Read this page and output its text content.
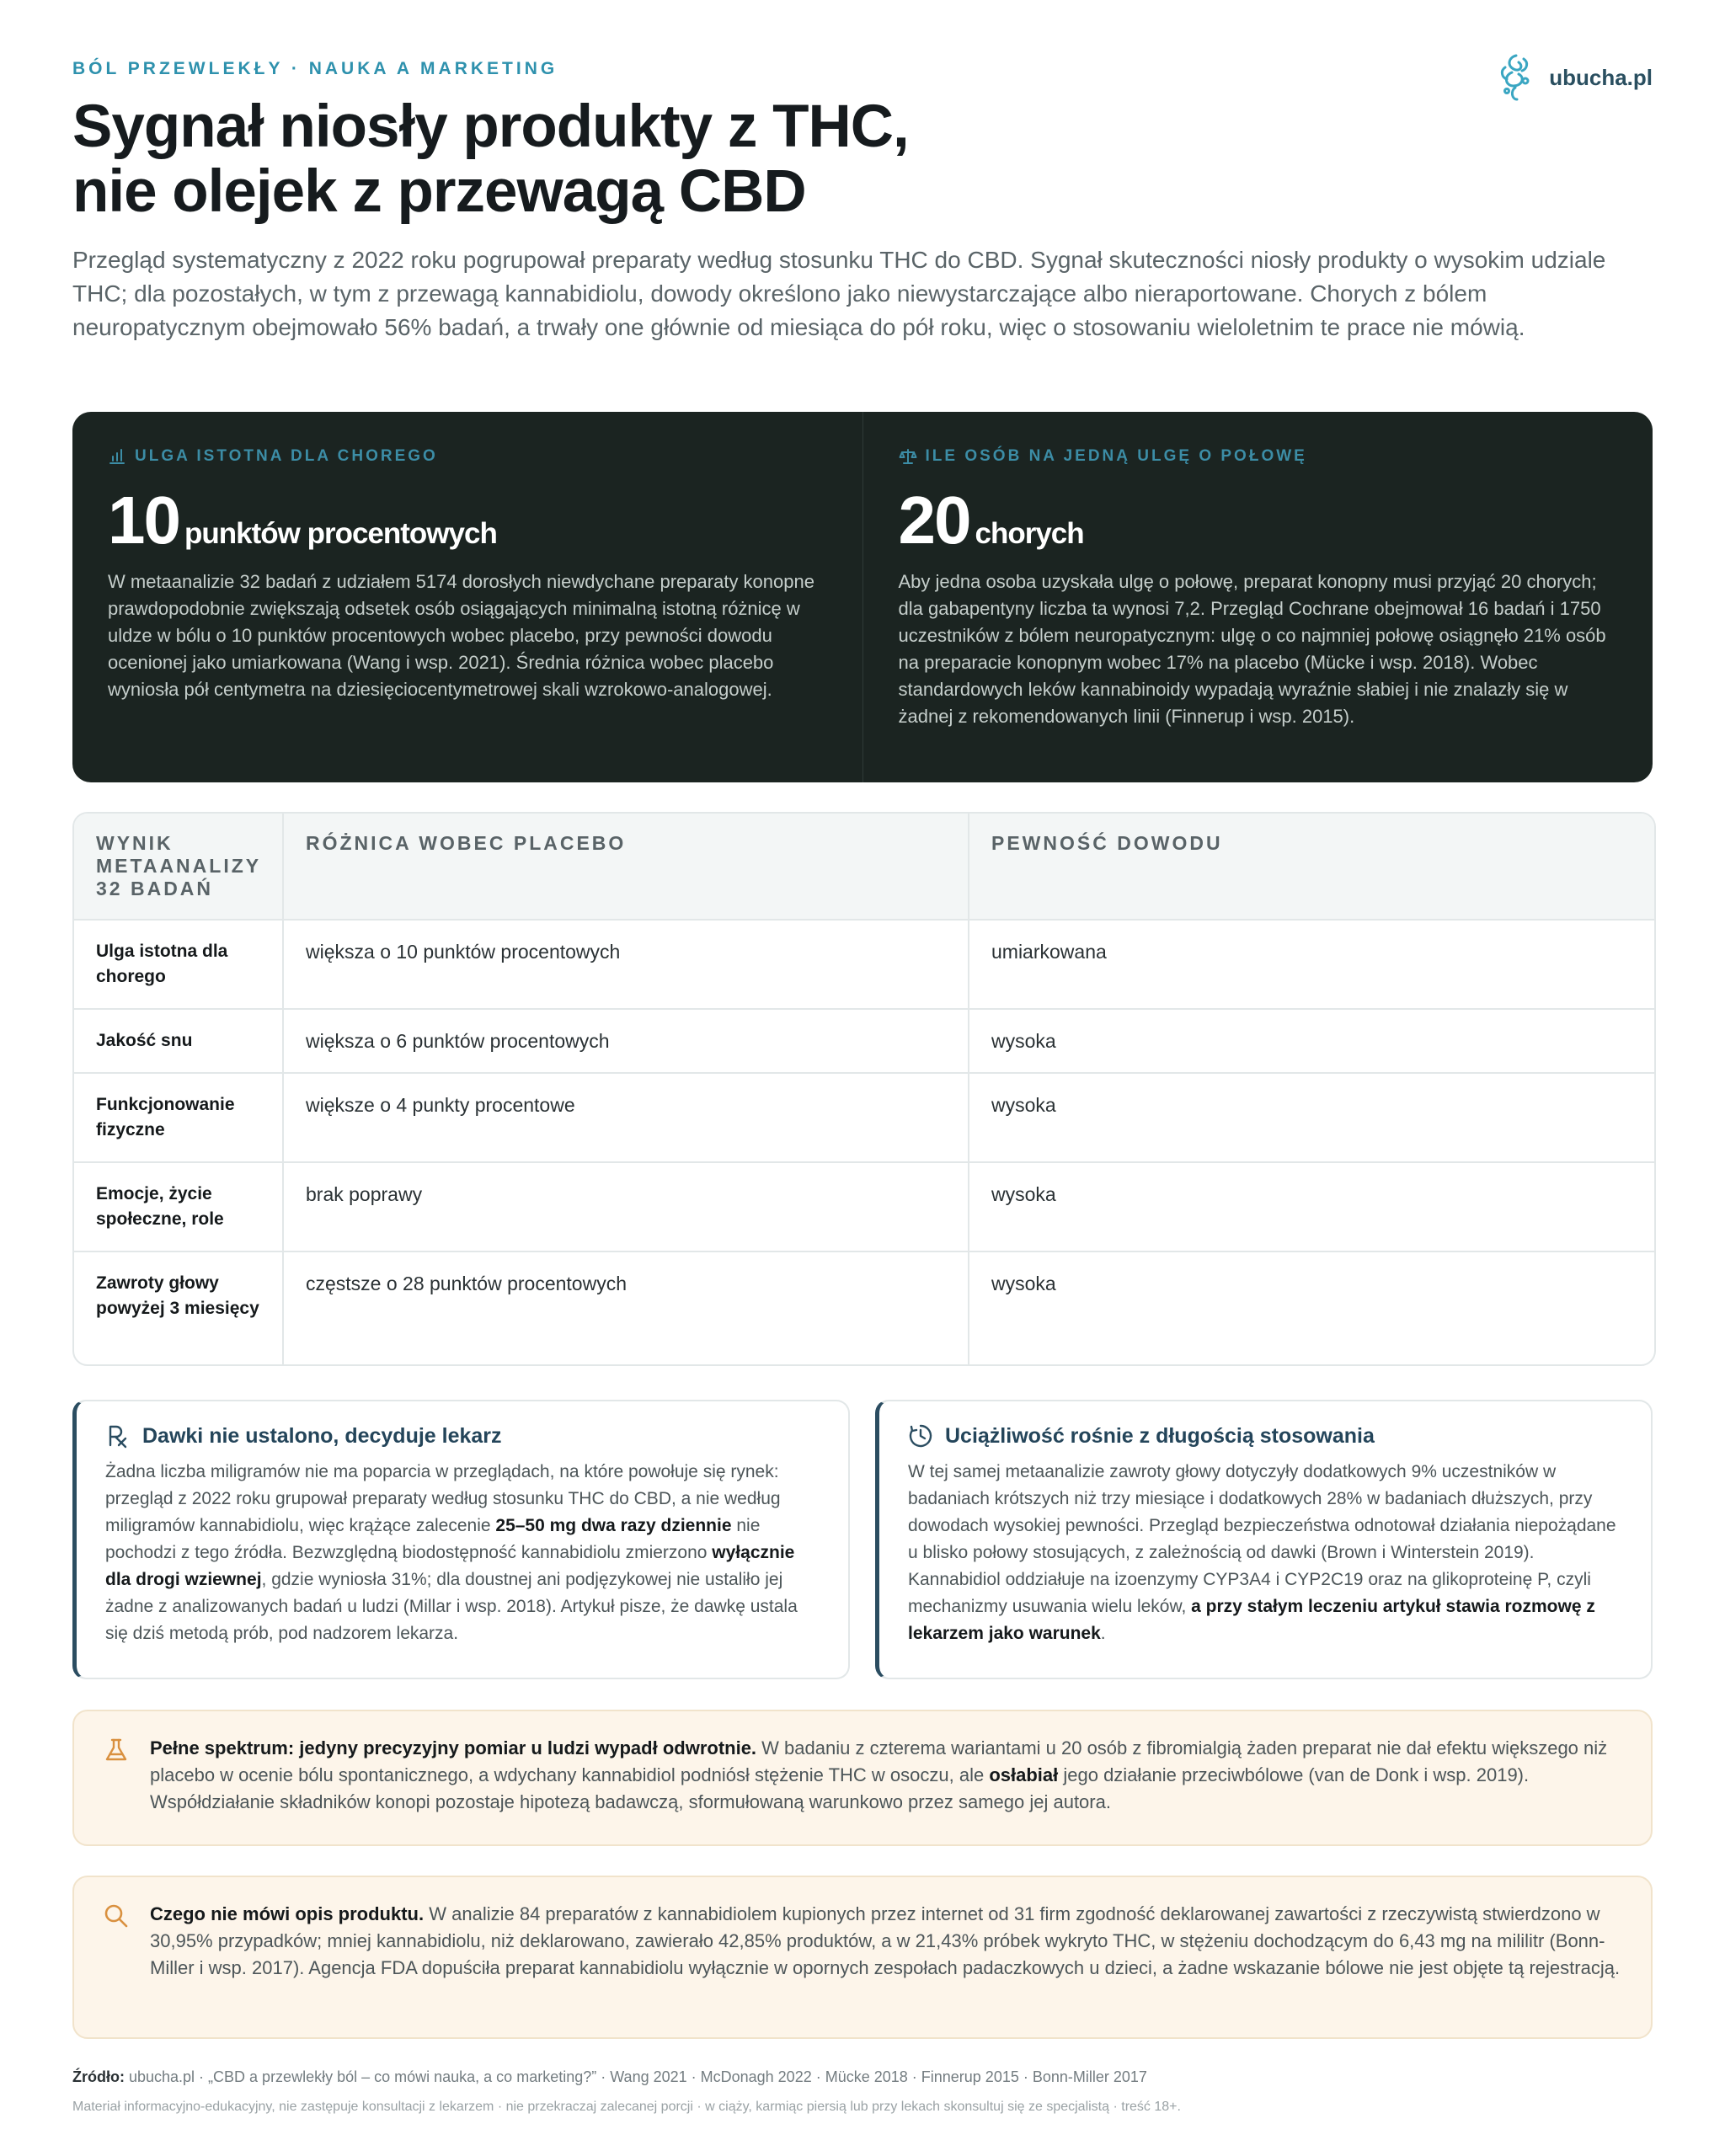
BÓL PRZEWLEKŁY · NAUKA A MARKETING	ubucha.pl
Sygnał niosły produkty z THC,
nie olejek z przewagą CBD

Przegląd systematyczny z 2022 roku pogrupował preparaty według stosunku THC do CBD. Sygnał skuteczności niosły produkty o wysokim udziale THC; dla pozostałych, w tym z przewagą kannabidiolu, dowody określono jako niewystarczające albo nieraportowane. Chorych z bólem neuropatycznym obejmowało 56% badań, a trwały one głównie od miesiąca do pół roku, więc o stosowaniu wieloletnim te prace nie mówią.

ULGA ISTOTNA DLA CHOREGO
10 punktów procentowych

W metaanalizie 32 badań z udziałem 5174 dorosłych niewdychane preparaty konopne prawdopodobnie zwiększają odsetek osób osiągających minimalną istotną różnicę w uldze w bólu o 10 punktów procentowych wobec placebo, przy pewności dowodu ocenionej jako umiarkowana (Wang i wsp. 2021). Średnia różnica wobec placebo wyniosła pół centymetra na dziesięciocentymetrowej skali wzrokowo-analogowej.

ILE OSÓB NA JEDNĄ ULGĘ O POŁOWĘ
20 chorych

Aby jedna osoba uzyskała ulgę o połowę, preparat konopny musi przyjąć 20 chorych; dla gabapentyny liczba ta wynosi 7,2. Przegląd Cochrane obejmował 16 badań i 1750 uczestników z bólem neuropatycznym: ulgę o co najmniej połowę osiągnęło 21% osób na preparacie konopnym wobec 17% na placebo (Mücke i wsp. 2018). Wobec standardowych leków kannabinoidy wypadają wyraźnie słabiej i nie znalazły się w żadnej z rekomendowanych linii (Finnerup i wsp. 2015).

WYNIK METAANALIZY 32 BADAŃ	RÓŻNICA WOBEC PLACEBO	PEWNOŚĆ DOWODU
Ulga istotna dla chorego	większa o 10 punktów procentowych	umiarkowana
Jakość snu	większa o 6 punktów procentowych	wysoka
Funkcjonowanie fizyczne	większe o 4 punkty procentowe	wysoka
Emocje, życie społeczne, role	brak poprawy	wysoka
Zawroty głowy powyżej 3 miesięcy	częstsze o 28 punktów procentowych	wysoka
Dawki nie ustalono, decyduje lekarz

Żadna liczba miligramów nie ma poparcia w przeglądach, na które powołuje się rynek: przegląd z 2022 roku grupował preparaty według stosunku THC do CBD, a nie według miligramów kannabidiolu, więc krążące zalecenie 25–50 mg dwa razy dziennie nie pochodzi z tego źródła. Bezwzględną biodostępność kannabidiolu zmierzono wyłącznie dla drogi wziewnej, gdzie wyniosła 31%; dla doustnej ani podjęzykowej nie ustaliło jej żadne z analizowanych badań u ludzi (Millar i wsp. 2018). Artykuł pisze, że dawkę ustala się dziś metodą prób, pod nadzorem lekarza.

Uciążliwość rośnie z długością stosowania

W tej samej metaanalizie zawroty głowy dotyczyły dodatkowych 9% uczestników w badaniach krótszych niż trzy miesiące i dodatkowych 28% w badaniach dłuższych, przy dowodach wysokiej pewności. Przegląd bezpieczeństwa odnotował działania niepożądane u blisko połowy stosujących, z zależnością od dawki (Brown i Winterstein 2019). Kannabidiol oddziałuje na izoenzymy CYP3A4 i CYP2C19 oraz na glikoproteinę P, czyli mechanizmy usuwania wielu leków, a przy stałym leczeniu artykuł stawia rozmowę z lekarzem jako warunek.

Pełne spektrum: jedyny precyzyjny pomiar u ludzi wypadł odwrotnie. W badaniu z czterema wariantami u 20 osób z fibromialgią żaden preparat nie dał efektu większego niż placebo w ocenie bólu spontanicznego, a wdychany kannabidiol podniósł stężenie THC w osoczu, ale osłabiał jego działanie przeciwbólowe (van de Donk i wsp. 2019). Współdziałanie składników konopi pozostaje hipotezą badawczą, sformułowaną warunkowo przez samego jej autora.

Czego nie mówi opis produktu. W analizie 84 preparatów z kannabidiolem kupionych przez internet od 31 firm zgodność deklarowanej zawartości z rzeczywistą stwierdzono w 30,95% przypadków; mniej kannabidiolu, niż deklarowano, zawierało 42,85% produktów, a w 21,43% próbek wykryto THC, w stężeniu dochodzącym do 6,43 mg na mililitr (Bonn-Miller i wsp. 2017). Agencja FDA dopuściła preparat kannabidiolu wyłącznie w opornych zespołach padaczkowych u dzieci, a żadne wskazanie bólowe nie jest objęte tą rejestracją.

Źródło: ubucha.pl · „CBD a przewlekły ból – co mówi nauka, a co marketing?” · Wang 2021 · McDonagh 2022 · Mücke 2018 · Finnerup 2015 · Bonn-Miller 2017
Materiał informacyjno-edukacyjny, nie zastępuje konsultacji z lekarzem · nie przekraczaj zalecanej porcji · w ciąży, karmiąc piersią lub przy lekach skonsultuj się ze specjalistą · treść 18+.
